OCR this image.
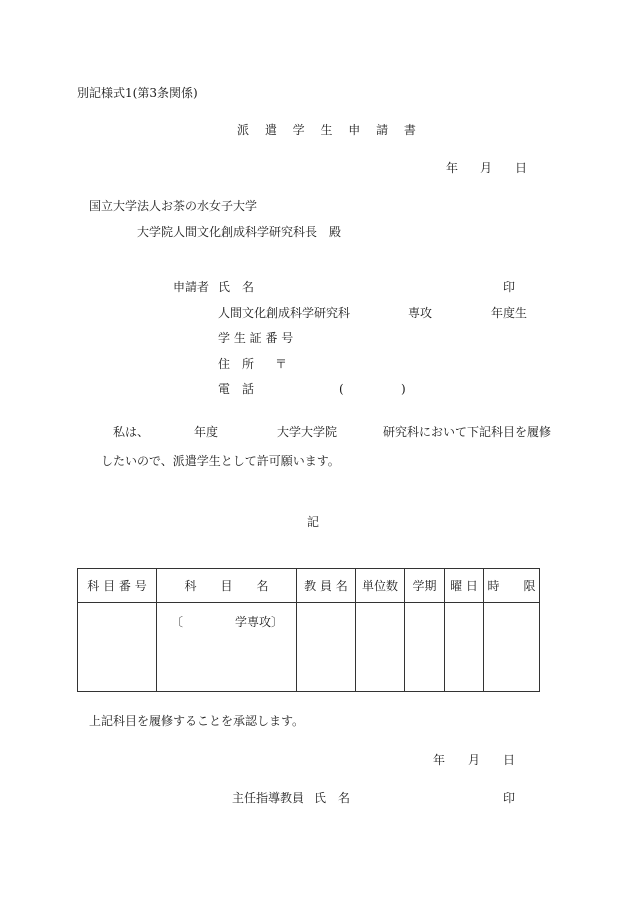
別記様式1(第3条関係)
派 遣 学 生 申 請 書
年 月 日
国立大学法人お茶の水女子大学
大学院人間文化創成科学研究科長　殿
申請者 氏　名	印
人間文化創成科学研究科	専攻	年度生
学 生 証 番 号
住　所 〒
電　話	(	)
私は、	年度	大学大学院	研究科において下記科目を履修
したいので、派遣学生として許可願います。
記
科 目 番 号	科　　目　　名	教 員 名	単位数	学期	曜 日	時　　限
	〔 学専攻〕					
上記科目を履修することを承認します。
年 月 日
主任指導教員 氏　名	印
